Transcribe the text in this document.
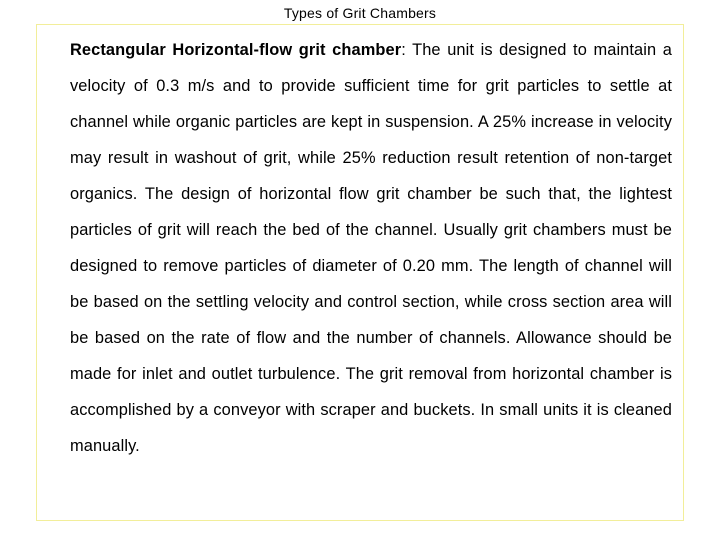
Types of Grit Chambers

Rectangular Horizontal-flow grit chamber: The unit is designed to maintain a velocity of 0.3 m/s and to provide sufficient time for grit particles to settle at channel while organic particles are kept in suspension. A 25% increase in velocity may result in washout of grit, while 25% reduction result retention of non-target organics. The design of horizontal flow grit chamber be such that, the lightest particles of grit will reach the bed of the channel. Usually grit chambers must be designed to remove particles of diameter of 0.20 mm. The length of channel will be based on the settling velocity and control section, while cross section area will be based on the rate of flow and the number of channels. Allowance should be made for inlet and outlet turbulence. The grit removal from horizontal chamber is accomplished by a conveyor with scraper and buckets. In small units it is cleaned manually.
